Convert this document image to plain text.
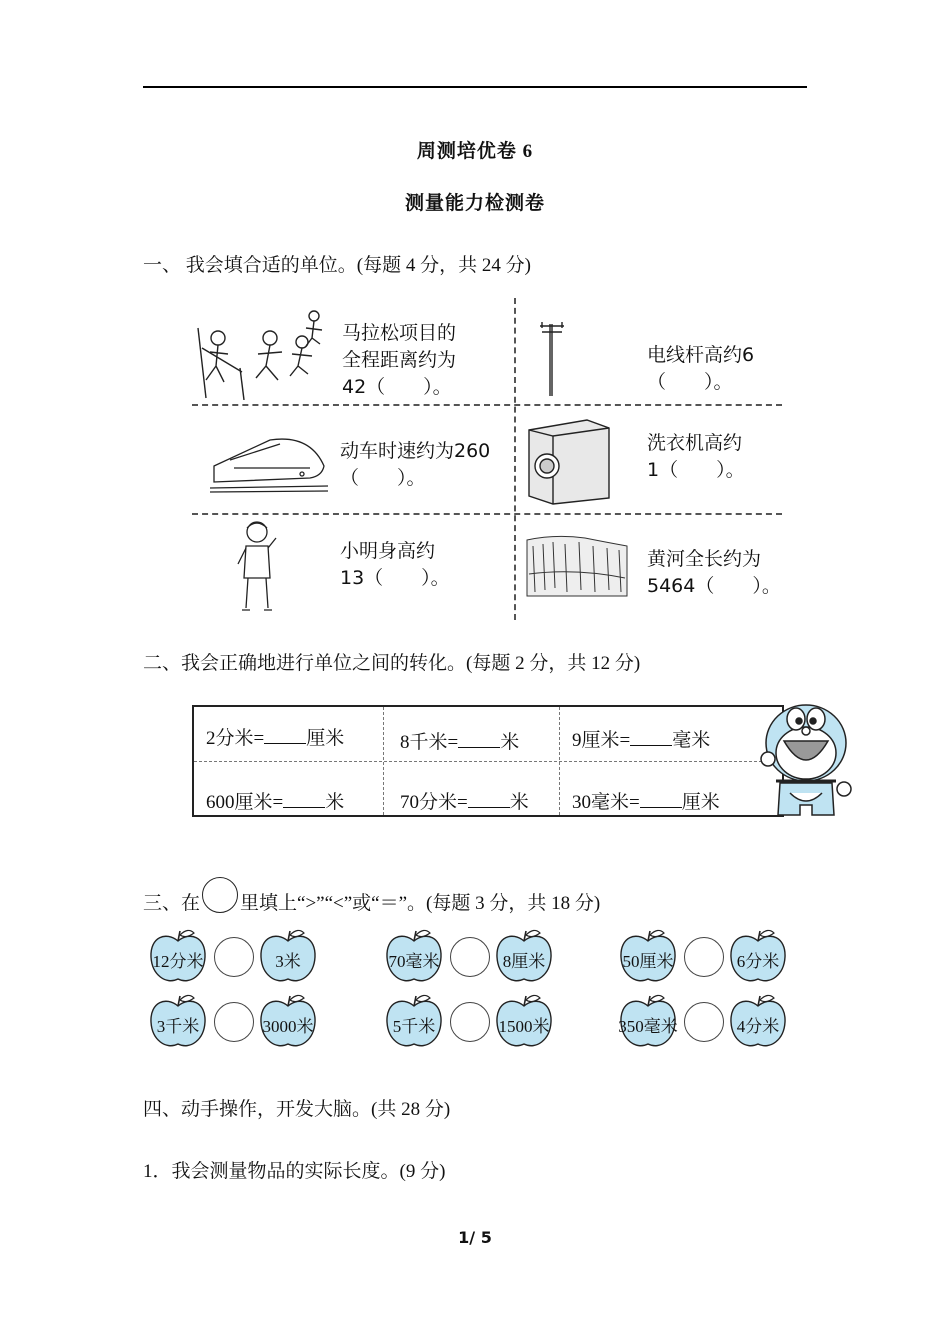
周测培优卷 6
测量能力检测卷
一、 我会填合适的单位。(每题 4 分，共 24 分)
马拉松项目的
全程距离约为
42（　　）。
电线杆高约6
（　　）。
动车时速约为260
（　　）。
洗衣机高约
1（　　）。
小明身高约
13（　　）。
黄河全长约为
5464（　　）。
二、我会正确地进行单位之间的转化。(每题 2 分，共 12 分)
2分米= 厘米	8千米= 米	9厘米= 毫米
600厘米= 米	70分米= 米 30毫米= 厘米
三、在 里填上“>”“<”或“＝”。(每题 3 分，共 18 分)
12分米	3米	70毫米	8厘米	50厘米	6分米
3千米	3000米	5千米	1500米	350毫米	4分米
四、动手操作，开发大脑。(共 28 分)
1．我会测量物品的实际长度。(9 分)
1/ 5
